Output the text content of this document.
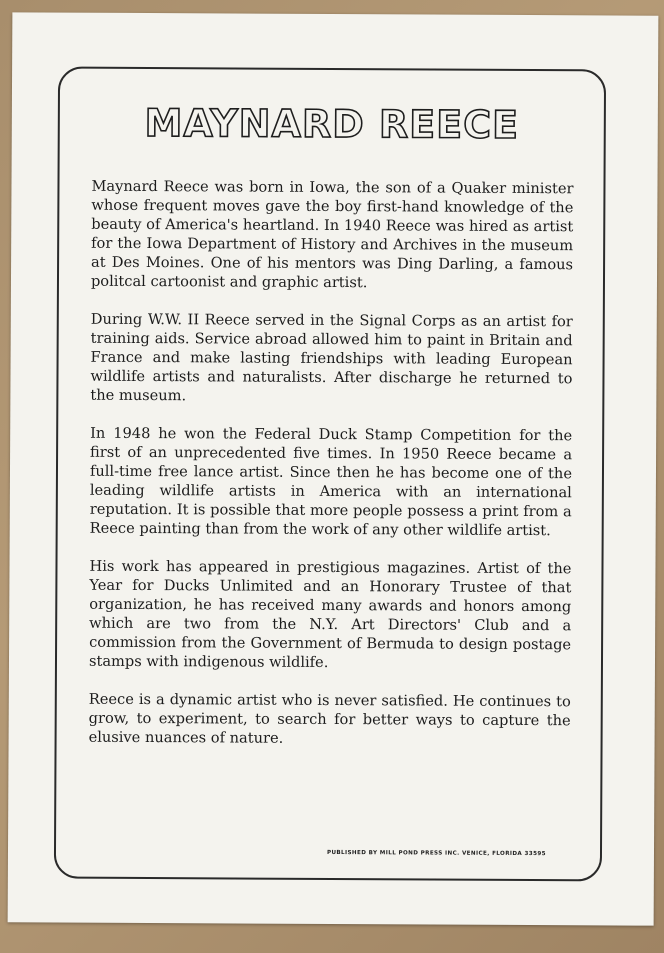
MAYNARD REECE

Maynard Reece was born in Iowa, the son of a Quaker minister whose frequent moves gave the boy first-hand knowledge of the beauty of America's heartland. In 1940 Reece was hired as artist for the Iowa Department of History and Archives in the museum at Des Moines. One of his mentors was Ding Darling, a famous politcal cartoonist and graphic artist.

During W.W. II Reece served in the Signal Corps as an artist for training aids. Service abroad allowed him to paint in Britain and France and make lasting friendships with leading European wildlife artists and naturalists. After discharge he returned to the museum.

In 1948 he won the Federal Duck Stamp Competition for the first of an unprecedented five times. In 1950 Reece became a full-time free lance artist. Since then he has become one of the leading wildlife artists in America with an international reputation. It is possible that more people possess a print from a Reece painting than from the work of any other wildlife artist.

His work has appeared in prestigious magazines. Artist of the Year for Ducks Unlimited and an Honorary Trustee of that organization, he has received many awards and honors among which are two from the N.Y. Art Directors' Club and a commission from the Government of Bermuda to design postage stamps with indigenous wildlife.

Reece is a dynamic artist who is never satisfied. He continues to grow, to experiment, to search for better ways to capture the elusive nuances of nature.

PUBLISHED BY MILL POND PRESS INC. VENICE, FLORIDA 33595
